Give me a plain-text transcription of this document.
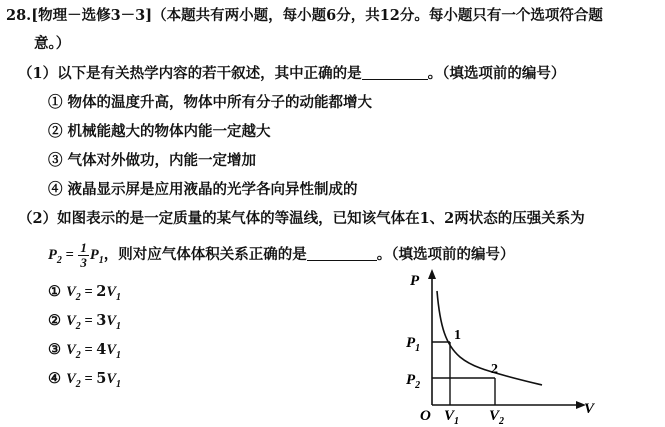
28.[物理－选修3－3]（本题共有两小题，每小题6分，共12分。每小题只有一个选项符合题
意。）
（1）以下是有关热学内容的若干叙述，其中正确的是	。（填选项前的编号）
① 物体的温度升高，物体中所有分子的动能都增大
② 机械能越大的物体内能一定越大
③ 气体对外做功，内能一定增加
④ 液晶显示屏是应用液晶的光学各向异性制成的
（2）如图表示的是一定质量的某气体的等温线，已知该气体在1、2两状态的压强关系为
$P_2 = \frac{1}{3} P_1$，则对应气体体积关系正确的是	。（填选项前的编号）
① $V_2 = 2V_1$
② $V_2 = 3V_1$
③ $V_2 = 4V_1$
④ $V_2 = 5V_1$
P
V
O
$P_1$
$P_2$
$V_1$ $V_2$
1
2
